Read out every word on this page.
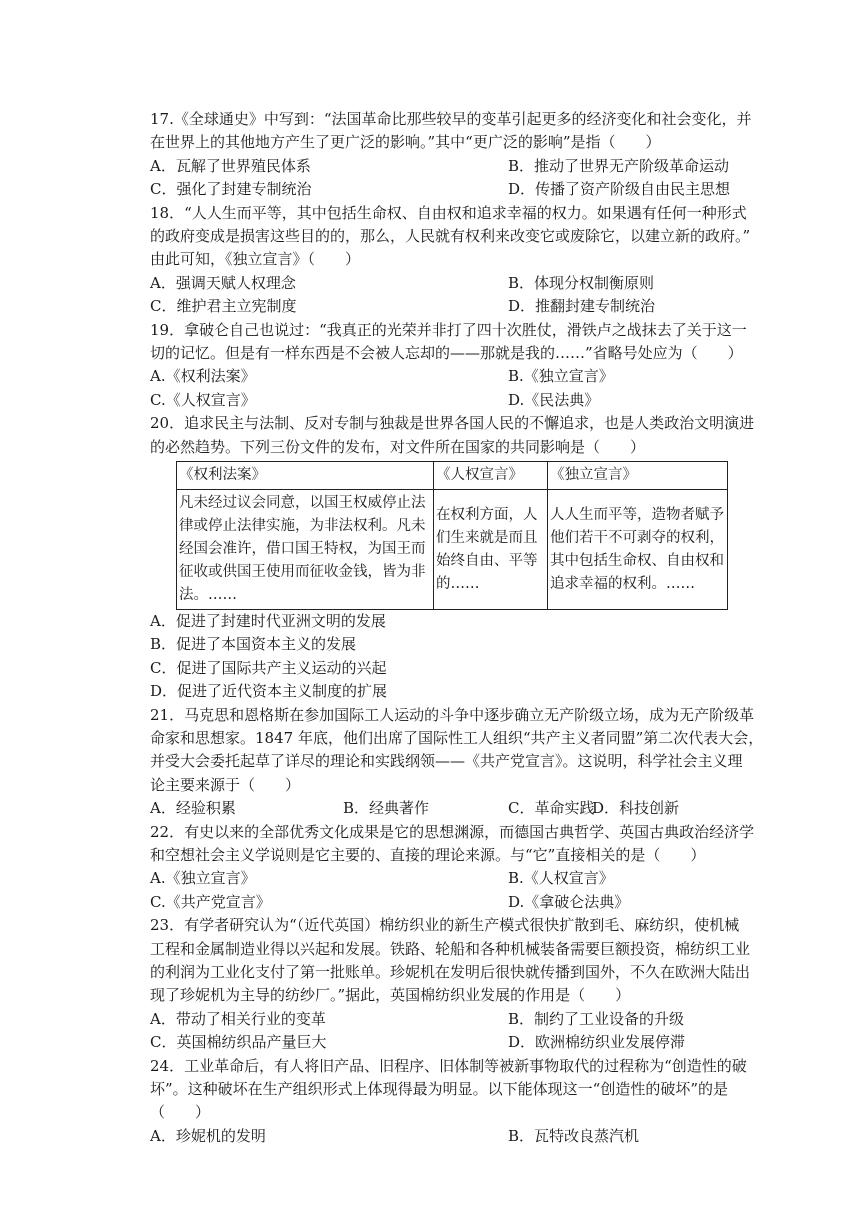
17.《全球通史》中写到：“法国革命比那些较早的变革引起更多的经济变化和社会变化，并
在世界上的其他地方产生了更广泛的影响。”其中“更广泛的影响”是指（　　）
A．瓦解了世界殖民体系	B．推动了世界无产阶级革命运动
C．强化了封建专制统治	D．传播了资产阶级自由民主思想
18．“人人生而平等，其中包括生命权、自由权和追求幸福的权力。如果遇有任何一种形式
的政府变成是损害这些目的的，那么，人民就有权利来改变它或废除它，以建立新的政府。”
由此可知，《独立宣言》（　　）
A．强调天赋人权理念	B．体现分权制衡原则
C．维护君主立宪制度	D．推翻封建专制统治
19．拿破仑自己也说过：“我真正的光荣并非打了四十次胜仗，滑铁卢之战抹去了关于这一
切的记忆。但是有一样东西是不会被人忘却的——那就是我的……”省略号处应为（　　）
A.《权利法案》	B.《独立宣言》
C.《人权宣言》	D.《民法典》
20．追求民主与法制、反对专制与独裁是世界各国人民的不懈追求，也是人类政治文明演进
的必然趋势。下列三份文件的发布，对文件所在国家的共同影响是（　　）
《权利法案》	《人权宣言》	《独立宣言》
凡未经过议会同意，以国王权威停止法律或停止法律实施，为非法权利。凡未经国会准许，借口国王特权，为国王而征收或供国王使用而征收金钱，皆为非法。……	在权利方面，人们生来就是而且始终自由、平等的……	人人生而平等，造物者赋予他们若干不可剥夺的权利，其中包括生命权、自由权和追求幸福的权利。……
A．促进了封建时代亚洲文明的发展
B．促进了本国资本主义的发展
C．促进了国际共产主义运动的兴起
D．促进了近代资本主义制度的扩展
21．马克思和恩格斯在参加国际工人运动的斗争中逐步确立无产阶级立场，成为无产阶级革
命家和思想家。1847 年底，他们出席了国际性工人组织“共产主义者同盟”第二次代表大会，
并受大会委托起草了详尽的理论和实践纲领——《共产党宣言》。这说明，科学社会主义理
论主要来源于（　　）
A．经验积累	B．经典著作	C．革命实践
D．科技创新
22．有史以来的全部优秀文化成果是它的思想渊源，而德国古典哲学、英国古典政治经济学
和空想社会主义学说则是它主要的、直接的理论来源。与“它”直接相关的是（　　）
A.《独立宣言》	B.《人权宣言》
C.《共产党宣言》	D.《拿破仑法典》
23．有学者研究认为“（近代英国）棉纺织业的新生产模式很快扩散到毛、麻纺织，使机械
工程和金属制造业得以兴起和发展。铁路、轮船和各种机械装备需要巨额投资，棉纺织工业
的利润为工业化支付了第一批账单。珍妮机在发明后很快就传播到国外，不久在欧洲大陆出
现了珍妮机为主导的纺纱厂。”据此，英国棉纺织业发展的作用是（　　）
A．带动了相关行业的变革	B．制约了工业设备的升级
C．英国棉纺织品产量巨大	D．欧洲棉纺织业发展停滞
24．工业革命后，有人将旧产品、旧程序、旧体制等被新事物取代的过程称为“创造性的破
坏”。这种破坏在生产组织形式上体现得最为明显。以下能体现这一“创造性的破坏”的是
（　　）
A．珍妮机的发明	B．瓦特改良蒸汽机
